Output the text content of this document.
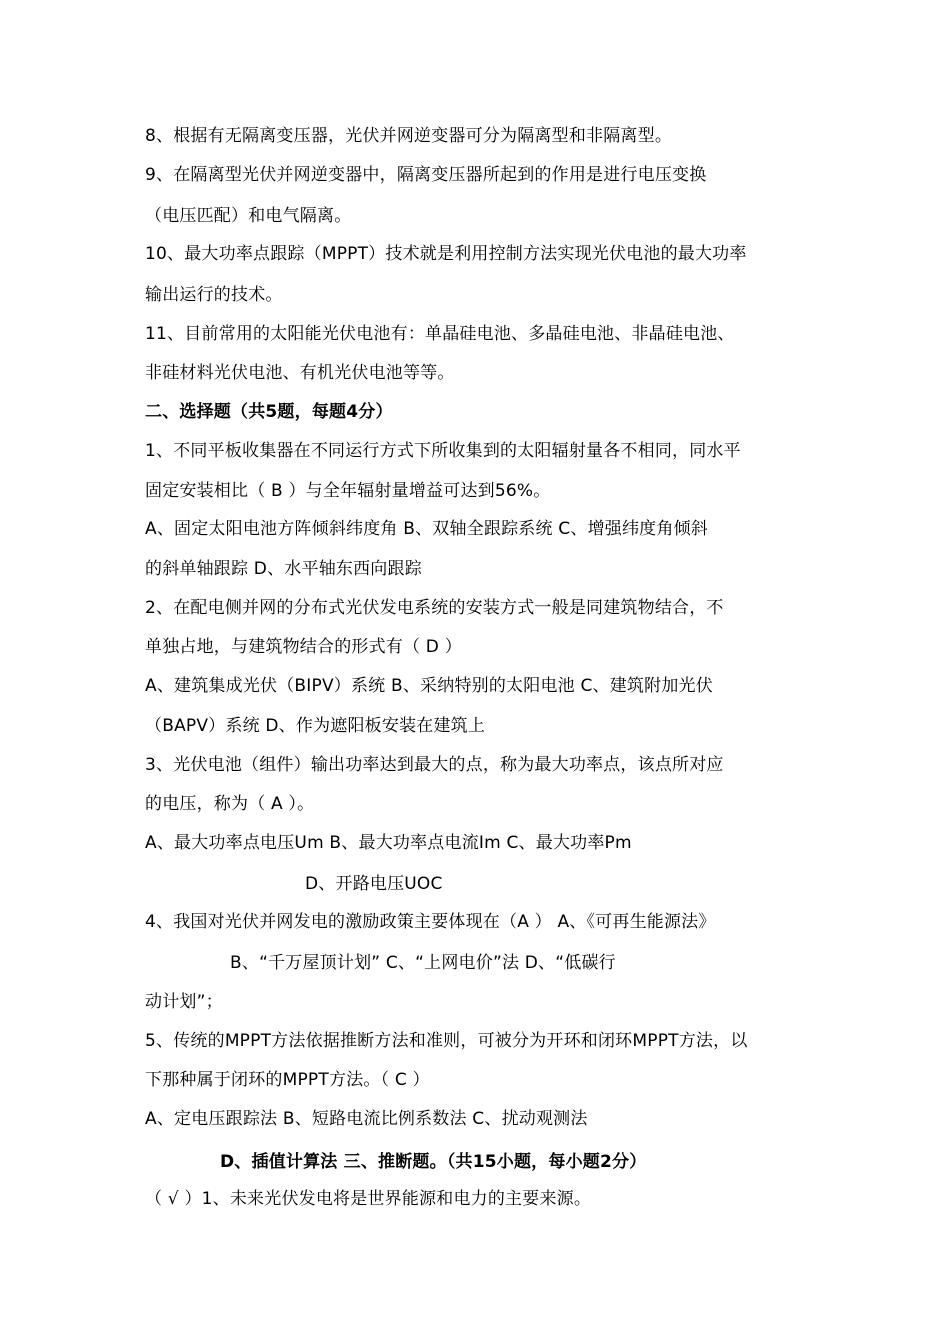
8、根据有无隔离变压器，光伏并网逆变器可分为隔离型和非隔离型。
9、在隔离型光伏并网逆变器中，隔离变压器所起到的作用是进行电压变换
（电压匹配）和电气隔离。
10、最大功率点跟踪（MPPT）技术就是利用控制方法实现光伏电池的最大功率
输出运行的技术。
11、目前常用的太阳能光伏电池有：单晶硅电池、多晶硅电池、非晶硅电池、
非硅材料光伏电池、有机光伏电池等等。
二、选择题（共5题，每题4分）
1、不同平板收集器在不同运行方式下所收集到的太阳辐射量各不相同，同水平
固定安装相比（ B ）与全年辐射量增益可达到56%。
A、固定太阳电池方阵倾斜纬度角 B、双轴全跟踪系统 C、增强纬度角倾斜
的斜单轴跟踪 D、水平轴东西向跟踪
2、在配电侧并网的分布式光伏发电系统的安装方式一般是同建筑物结合，不
单独占地，与建筑物结合的形式有（ D ）
A、建筑集成光伏（BIPV）系统 B、采纳特别的太阳电池 C、建筑附加光伏
（BAPV）系统 D、作为遮阳板安装在建筑上
3、光伏电池（组件）输出功率达到最大的点，称为最大功率点，该点所对应
的电压，称为（ A ）。
A、最大功率点电压Um B、最大功率点电流Im C、最大功率Pm
D、开路电压UOC
4、我国对光伏并网发电的激励政策主要体现在（A ） A、《可再生能源法》
B、“千万屋顶计划” C、“上网电价”法 D、“低碳行
动计划”；
5、传统的MPPT方法依据推断方法和准则，可被分为开环和闭环MPPT方法，以
下那种属于闭环的MPPT方法。（ C ）
A、定电压跟踪法 B、短路电流比例系数法 C、扰动观测法
D、插值计算法 三、推断题。（共15小题，每小题2分）
（ √ ）1、未来光伏发电将是世界能源和电力的主要来源。
